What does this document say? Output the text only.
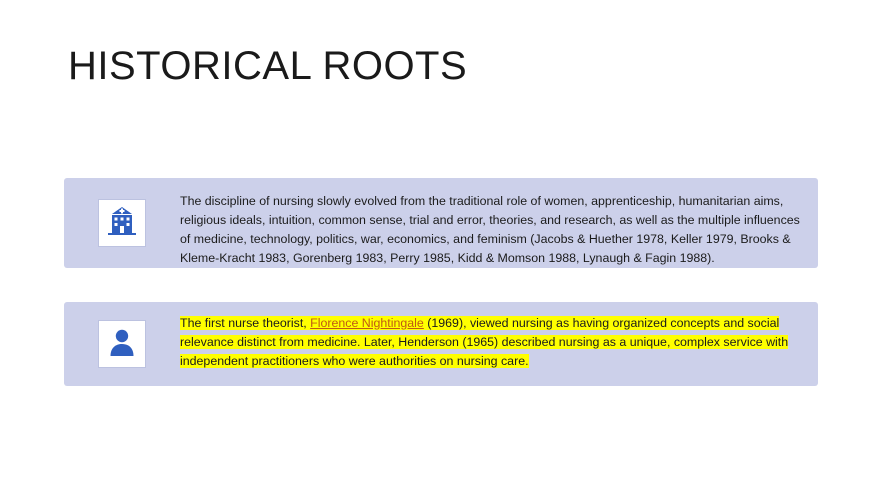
HISTORICAL ROOTS

The discipline of nursing slowly evolved from the traditional role of women, apprenticeship, humanitarian aims, religious ideals, intuition, common sense, trial and error, theories, and research, as well as the multiple influences of medicine, technology, politics, war, economics, and feminism (Jacobs & Huether 1978, Keller 1979, Brooks & Kleme-Kracht 1983, Gorenberg 1983, Perry 1985, Kidd & Momson 1988, Lynaugh & Fagin 1988).

The first nurse theorist, Florence Nightingale (1969), viewed nursing as having organized concepts and social
relevance distinct from medicine. Later, Henderson (1965) described nursing as a unique, complex service with
independent practitioners who were authorities on nursing care.
